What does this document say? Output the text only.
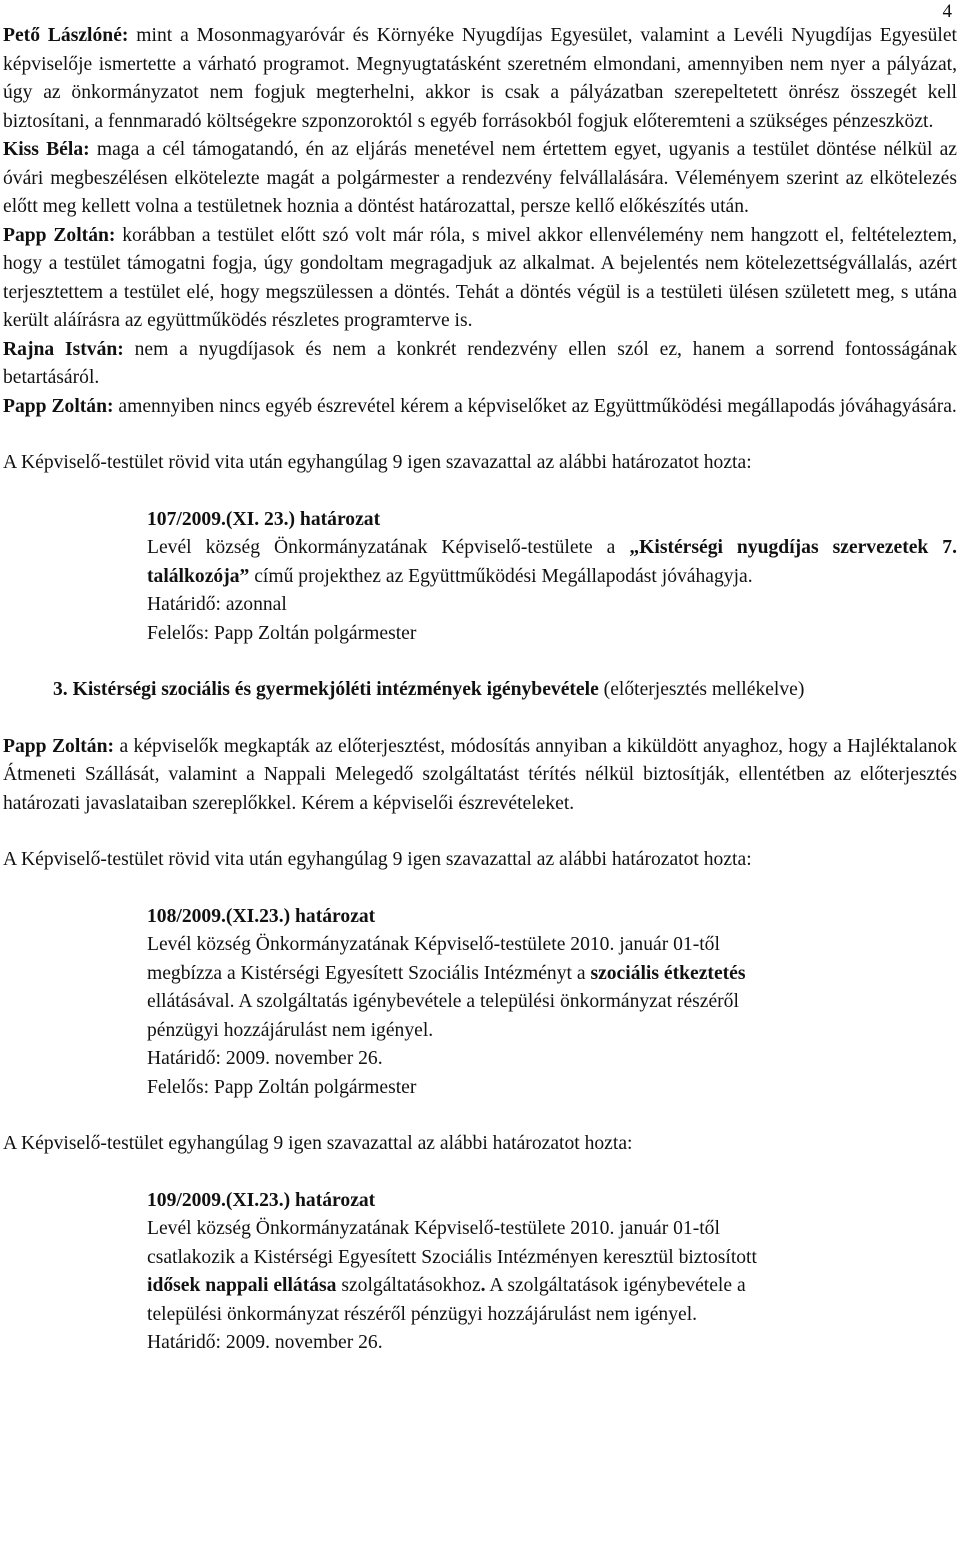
4

Pető Lászlóné: mint a Mosonmagyaróvár és Környéke Nyugdíjas Egyesület, valamint a Levéli Nyugdíjas Egyesület képviselője ismertette a várható programot. Megnyugtatásként szeretném elmondani, amennyiben nem nyer a pályázat, úgy az önkormányzatot nem fogjuk megterhelni, akkor is csak a pályázatban szerepeltetett önrész összegét kell biztosítani, a fennmaradó költségekre szponzoroktól s egyéb forrásokból fogjuk előteremteni a szükséges pénzeszközt.

Kiss Béla: maga a cél támogatandó, én az eljárás menetével nem értettem egyet, ugyanis a testület döntése nélkül az óvári megbeszélésen elkötelezte magát a polgármester a rendezvény felvállalására. Véleményem szerint az elkötelezés előtt meg kellett volna a testületnek hoznia a döntést határozattal, persze kellő előkészítés után.

Papp Zoltán: korábban a testület előtt szó volt már róla, s mivel akkor ellenvélemény nem hangzott el, feltételeztem, hogy a testület támogatni fogja, úgy gondoltam megragadjuk az alkalmat. A bejelentés nem kötelezettségvállalás, azért terjesztettem a testület elé, hogy megszülessen a döntés. Tehát a döntés végül is a testületi ülésen született meg, s utána került aláírásra az együttműködés részletes programterve is.

Rajna István: nem a nyugdíjasok és nem a konkrét rendezvény ellen szól ez, hanem a sorrend fontosságának betartásáról.

Papp Zoltán: amennyiben nincs egyéb észrevétel kérem a képviselőket az Együttműködési megállapodás jóváhagyására.

A Képviselő-testület rövid vita után egyhangúlag 9 igen szavazattal az alábbi határozatot hozta:

107/2009.(XI. 23.) határozat

Levél község Önkormányzatának Képviselő-testülete a „Kistérségi nyugdíjas szervezetek 7. találkozója” című projekthez az Együttműködési Megállapodást jóváhagyja.

Határidő: azonnal

Felelős: Papp Zoltán polgármester

3. Kistérségi szociális és gyermekjóléti intézmények igénybevétele (előterjesztés mellékelve)

Papp Zoltán: a képviselők megkapták az előterjesztést, módosítás annyiban a kiküldött anyaghoz, hogy a Hajléktalanok Átmeneti Szállását, valamint a Nappali Melegedő szolgáltatást térítés nélkül biztosítják, ellentétben az előterjesztés határozati javaslataiban szereplőkkel. Kérem a képviselői észrevételeket.

A Képviselő-testület rövid vita után egyhangúlag 9 igen szavazattal az alábbi határozatot hozta:

108/2009.(XI.23.) határozat

Levél község Önkormányzatának Képviselő-testülete 2010. január 01-től

megbízza a Kistérségi Egyesített Szociális Intézményt a szociális étkeztetés

ellátásával. A szolgáltatás igénybevétele a települési önkormányzat részéről

pénzügyi hozzájárulást nem igényel.

Határidő: 2009. november 26.

Felelős: Papp Zoltán polgármester

A Képviselő-testület egyhangúlag 9 igen szavazattal az alábbi határozatot hozta:

109/2009.(XI.23.) határozat

Levél község Önkormányzatának Képviselő-testülete 2010. január 01-től

csatlakozik a Kistérségi Egyesített Szociális Intézményen keresztül biztosított

idősek nappali ellátása szolgáltatásokhoz. A szolgáltatások igénybevétele a

települési önkormányzat részéről pénzügyi hozzájárulást nem igényel.

Határidő: 2009. november 26.
